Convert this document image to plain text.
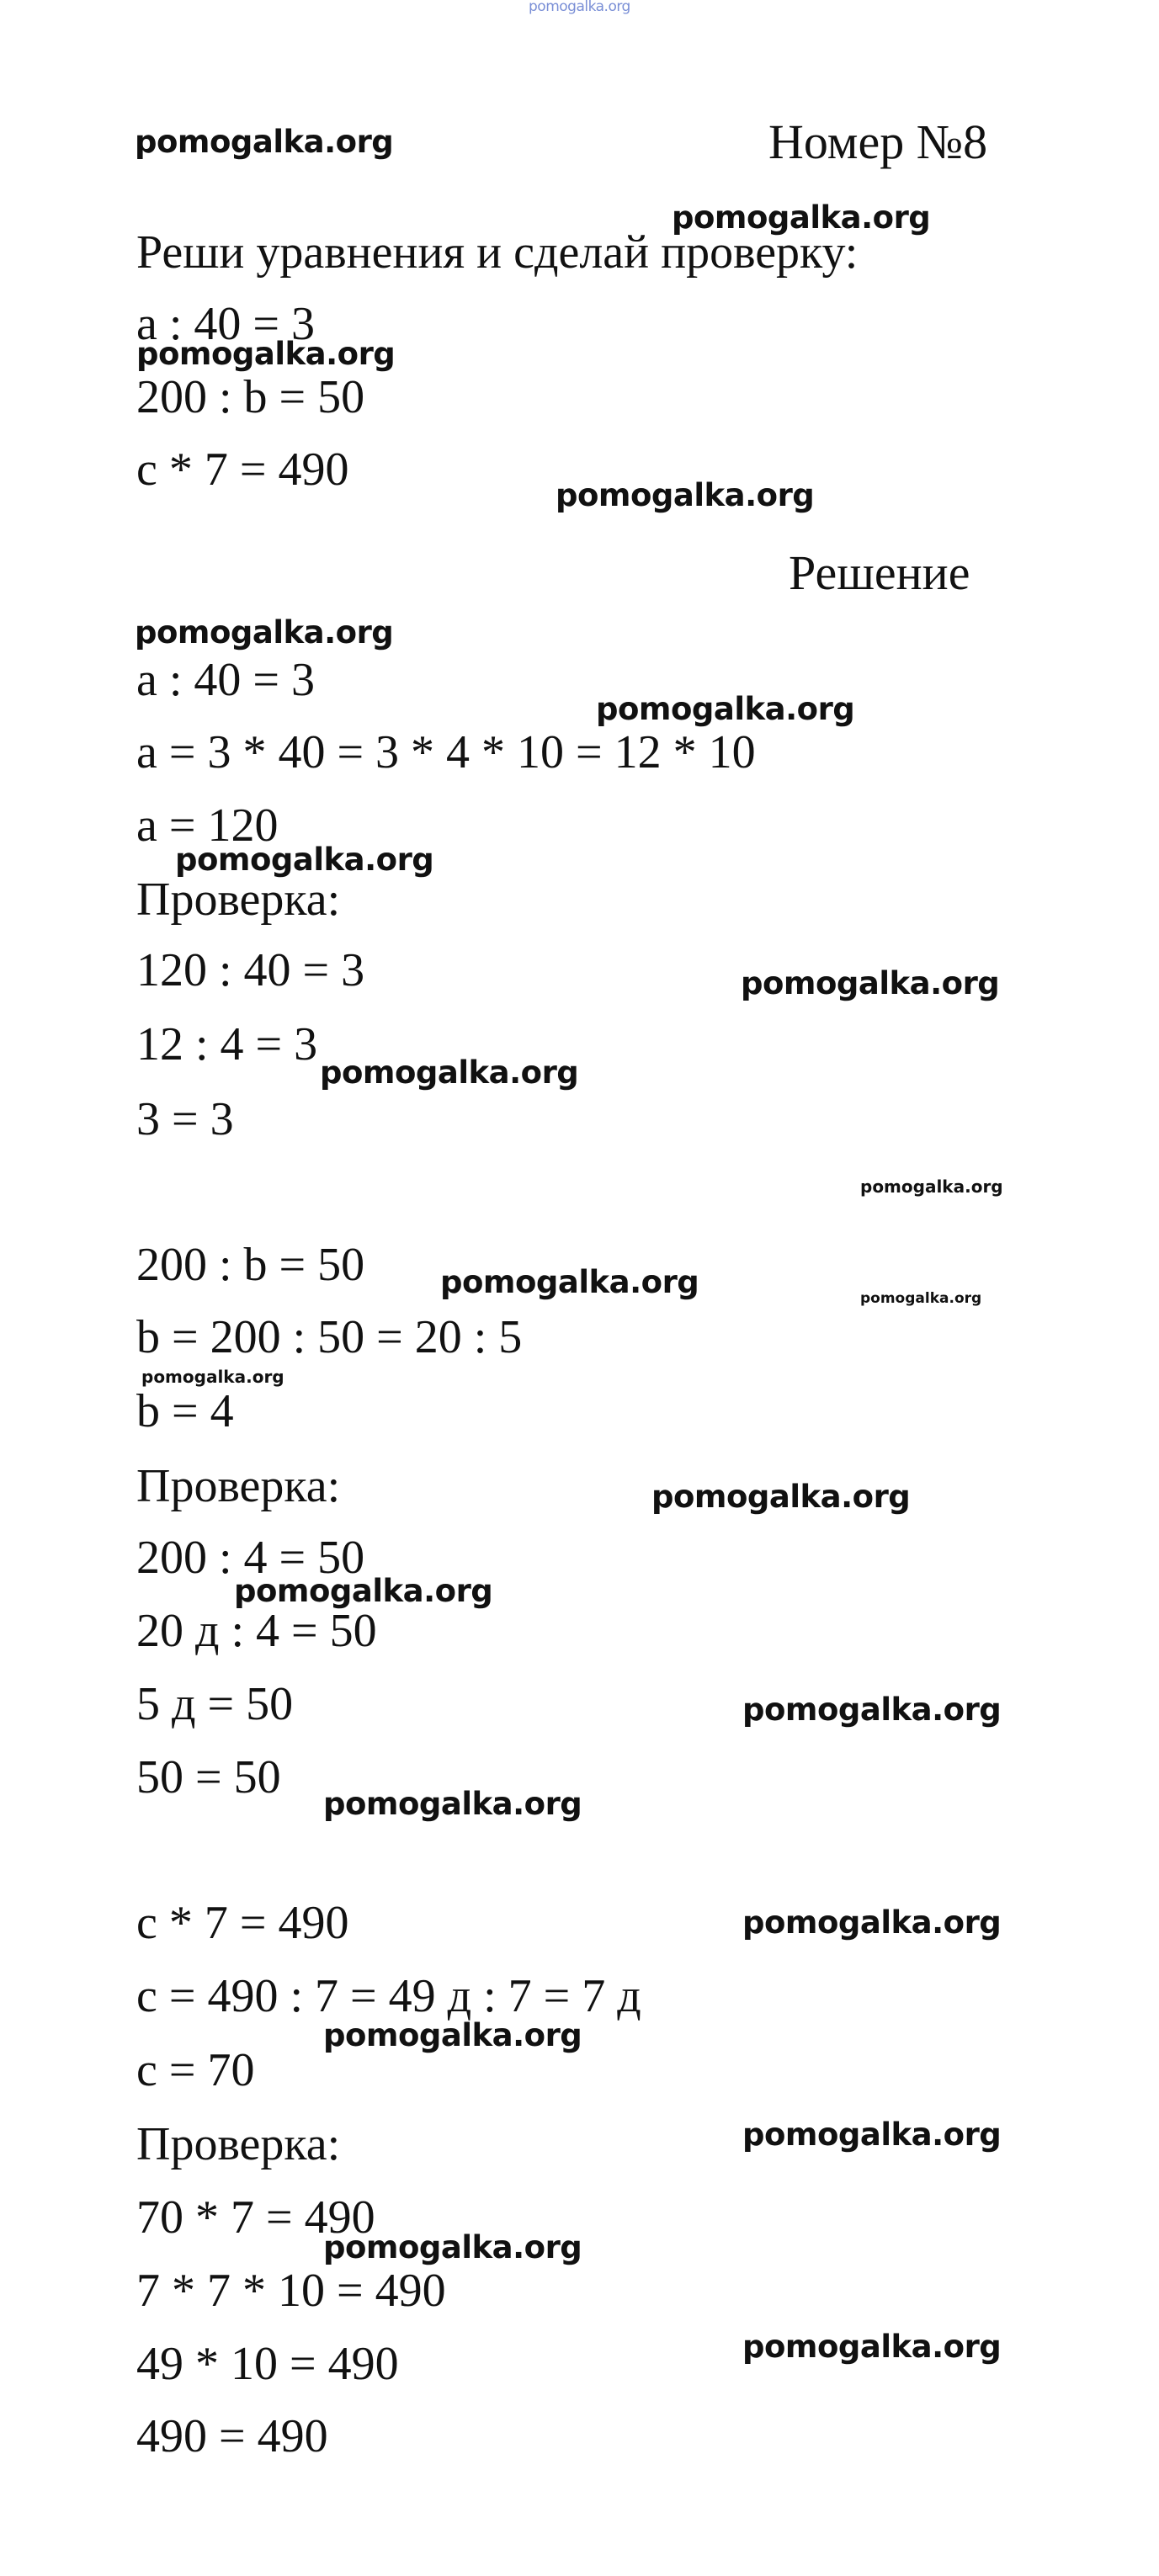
pomogalka.org
pomogalka.org
pomogalka.org
pomogalka.org
pomogalka.org
pomogalka.org
pomogalka.org
pomogalka.org
pomogalka.org
pomogalka.org
pomogalka.org
pomogalka.org	pomogalka.org
pomogalka.org
pomogalka.org
pomogalka.org
pomogalka.org
pomogalka.org
pomogalka.org
pomogalka.org
pomogalka.org
pomogalka.org
pomogalka.org
Номер №8
Реши уравнения и сделай проверку:
a : 40 = 3
200 : b = 50
c * 7 = 490
Решение
a : 40 = 3
a = 3 * 40 = 3 * 4 * 10 = 12 * 10
a = 120
Проверка:
120 : 40 = 3
12 : 4 = 3
3 = 3
200 : b = 50
b = 200 : 50 = 20 : 5
b = 4
Проверка:
200 : 4 = 50
20 д : 4 = 50
5 д = 50
50 = 50
c * 7 = 490
c = 490 : 7 = 49 д : 7 = 7 д
c = 70
Проверка:
70 * 7 = 490
7 * 7 * 10 = 490
49 * 10 = 490
490 = 490
